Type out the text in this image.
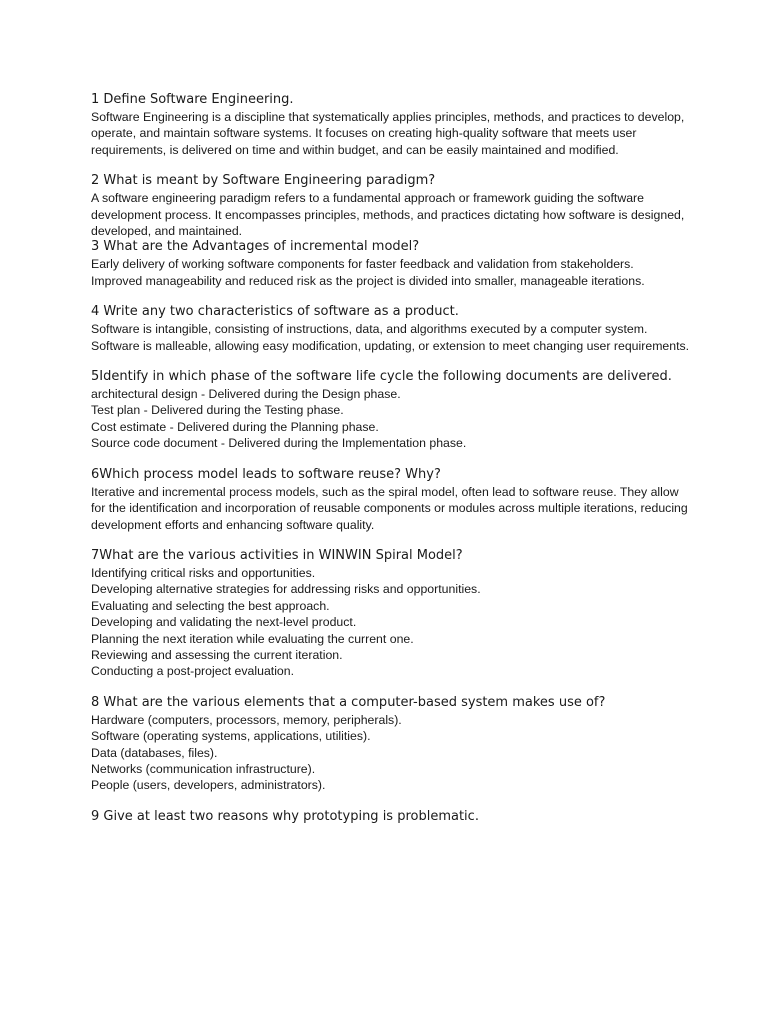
1 Define Software Engineering.

Software Engineering is a discipline that systematically applies principles, methods, and practices to develop, operate, and maintain software systems. It focuses on creating high-quality software that meets user requirements, is delivered on time and within budget, and can be easily maintained and modified.

2 What is meant by Software Engineering paradigm?

A software engineering paradigm refers to a fundamental approach or framework guiding the software development process. It encompasses principles, methods, and practices dictating how software is designed, developed, and maintained.

3 What are the Advantages of incremental model?

Early delivery of working software components for faster feedback and validation from stakeholders.

Improved manageability and reduced risk as the project is divided into smaller, manageable iterations.

4 Write any two characteristics of software as a product.

Software is intangible, consisting of instructions, data, and algorithms executed by a computer system.

Software is malleable, allowing easy modification, updating, or extension to meet changing user requirements.

5Identify in which phase of the software life cycle the following documents are delivered.
architectural design - Delivered during the Design phase.
Test plan - Delivered during the Testing phase.
Cost estimate - Delivered during the Planning phase.
Source code document - Delivered during the Implementation phase.
6Which process model leads to software reuse? Why?

Iterative and incremental process models, such as the spiral model, often lead to software reuse. They allow for the identification and incorporation of reusable components or modules across multiple iterations, reducing development efforts and enhancing software quality.

7What are the various activities in WINWIN Spiral Model?
Identifying critical risks and opportunities.
Developing alternative strategies for addressing risks and opportunities.
Evaluating and selecting the best approach.
Developing and validating the next-level product.
Planning the next iteration while evaluating the current one.
Reviewing and assessing the current iteration.
Conducting a post-project evaluation.
8 What are the various elements that a computer-based system makes use of?
Hardware (computers, processors, memory, peripherals).
Software (operating systems, applications, utilities).
Data (databases, files).
Networks (communication infrastructure).
People (users, developers, administrators).
9 Give at least two reasons why prototyping is problematic.
